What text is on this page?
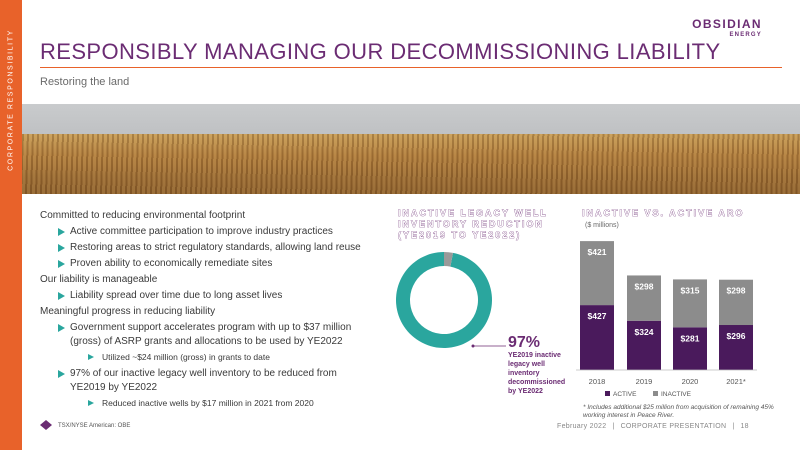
CORPORATE RESPONSIBILITY
OBSIDIAN
ENERGY
RESPONSIBLY MANAGING OUR DECOMMISSIONING LIABILITY
Restoring the land
Committed to reducing environmental footprint
Active committee participation to improve industry practices
Restoring areas to strict regulatory standards, allowing land reuse
Proven ability to economically remediate sites
Our liability is manageable
Liability spread over time due to long asset lives
Meaningful progress in reducing liability
Government support accelerates program with up to $37 million (gross) of ASRP grants and allocations to be used by YE2022
Utilized ~$24 million (gross) in grants to date
97% of our inactive legacy well inventory to be reduced from YE2019 by YE2022
Reduced inactive wells by $17 million in 2021 from 2020
INACTIVE LEGACY WELL INVENTORY REDUCTION (YE2019 TO YE2022)
INACTIVE VS. ACTIVE ARO
($ millions)
$427
$421
2018
$324
$298
2019
$281
$315
2020
$296
$298
2021*
ACTIVE	INACTIVE
97%
YE2019 inactive legacy well inventory decommissioned by YE2022
* Includes additional $25 million from acquisition of remaining 45% working interest in Peace River.
TSX/NYSE American: OBE	February 2022 | CORPORATE PRESENTATION | 18
